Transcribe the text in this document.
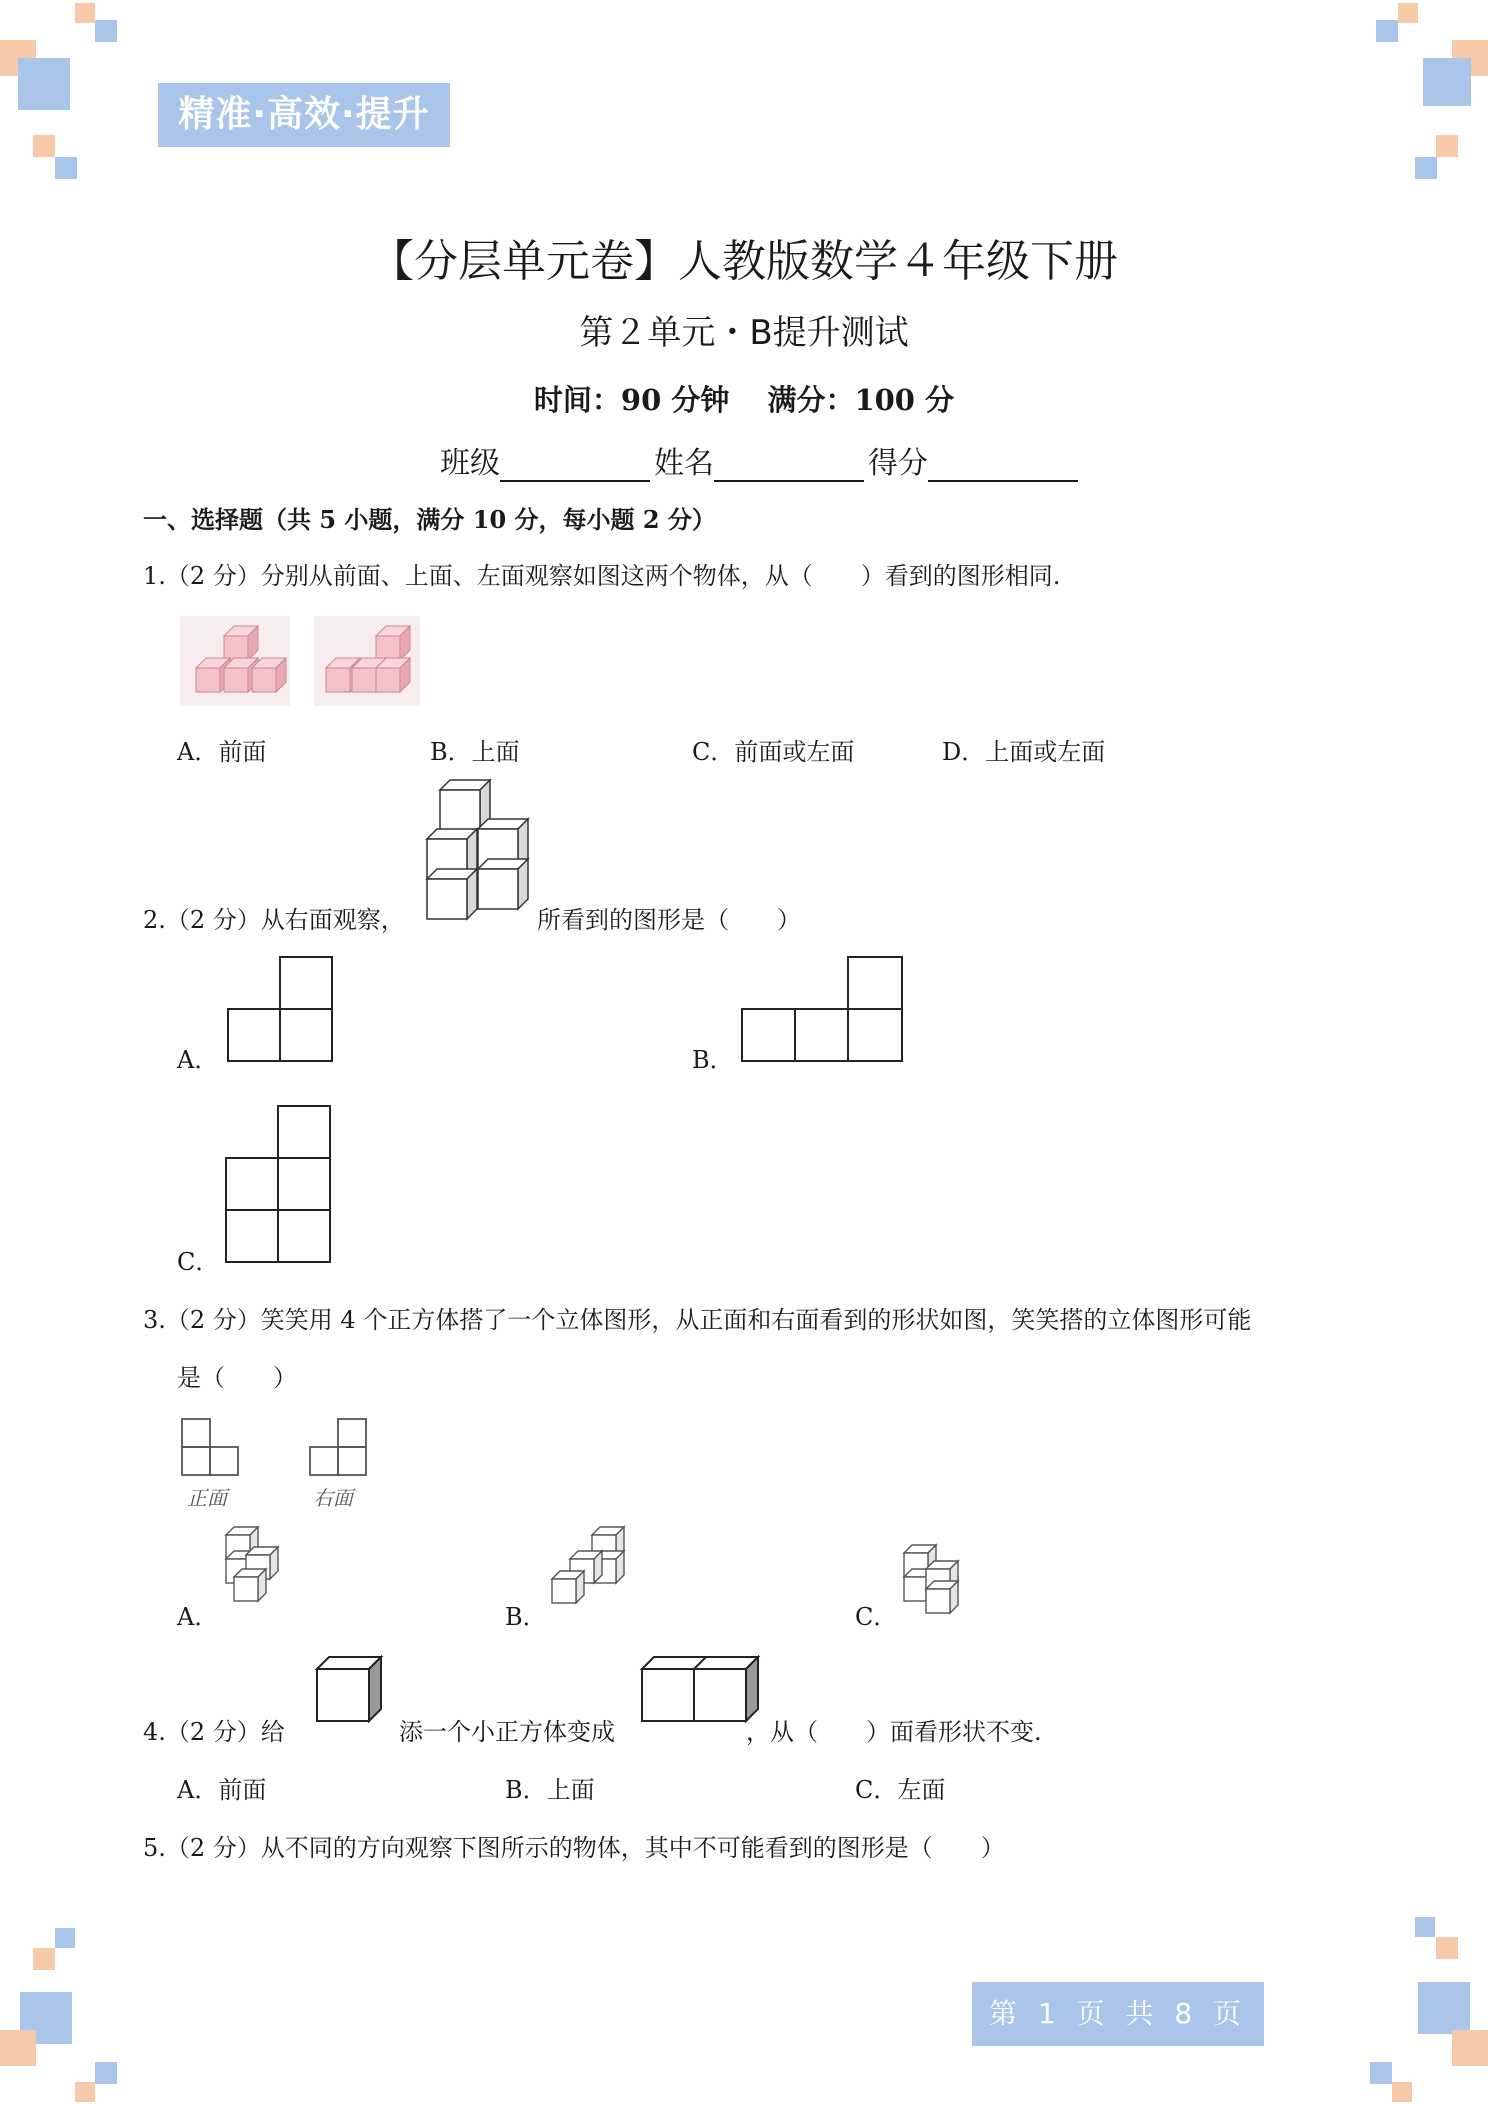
精准·高效·提升
【分层单元卷】人教版数学４年级下册
第２单元・B提升测试
时间：90 分钟 满分：100 分
班级	姓名	得分
一、选择题（共 5 小题，满分 10 分，每小题 2 分）
1.（2 分）分别从前面、上面、左面观察如图这两个物体，从（　　）看到的图形相同.
A．前面	B．上面	C．前面或左面	D．上面或左面
2.（2 分）从右面观察，	所看到的图形是（　　）
A．	B．
C．
3.（2 分）笑笑用 4 个正方体搭了一个立体图形，从正面和右面看到的形状如图，笑笑搭的立体图形可能
是（　　）
正面	右面
A．	B．	C．
4.（2 分）给	添一个小正方体变成	，从（　　）面看形状不变.
A．前面	B．上面	C．左面
5.（2 分）从不同的方向观察下图所示的物体，其中不可能看到的图形是（　　）
第 1 页 共 8 页
